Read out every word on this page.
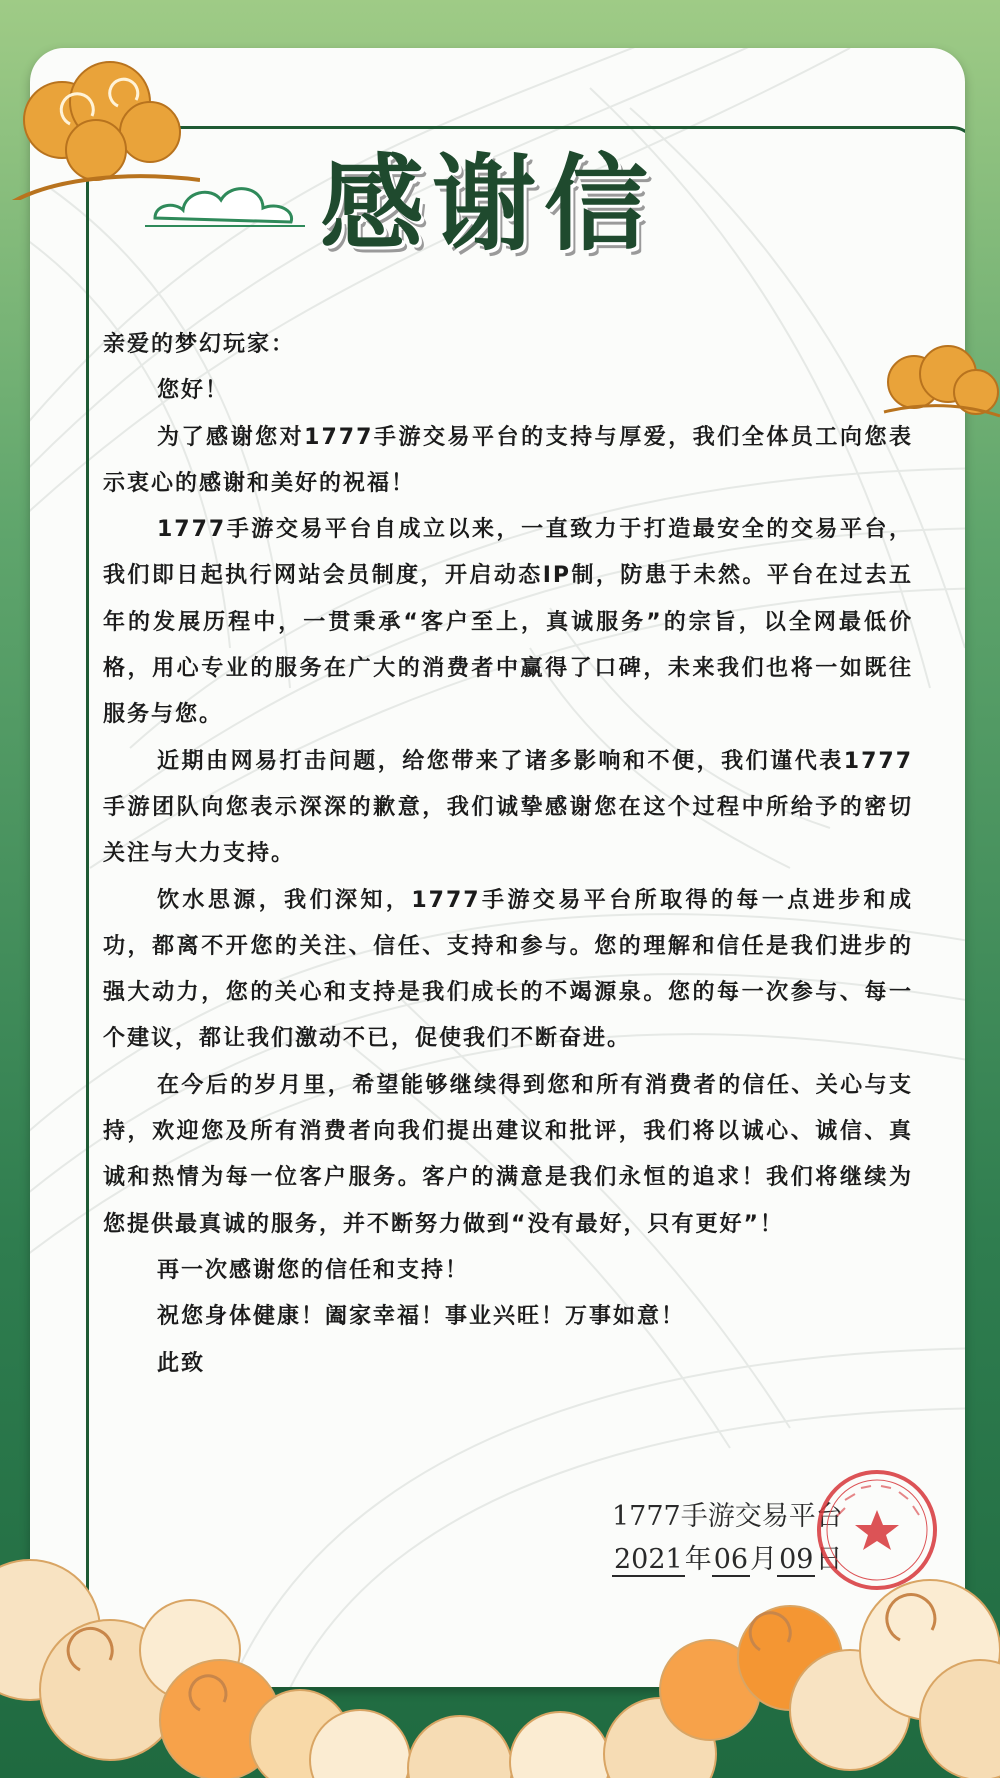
感谢信

亲爱的梦幻玩家：

您好！

为了感谢您对1777手游交易平台的支持与厚爱，我们全体员工向您表示衷心的感谢和美好的祝福！

1777手游交易平台自成立以来，一直致力于打造最安全的交易平台，我们即日起执行网站会员制度，开启动态IP制，防患于未然。平台在过去五年的发展历程中，一贯秉承“客户至上，真诚服务”的宗旨，以全网最低价格，用心专业的服务在广大的消费者中赢得了口碑，未来我们也将一如既往服务与您。

近期由网易打击问题，给您带来了诸多影响和不便，我们谨代表1777手游团队向您表示深深的歉意，我们诚挚感谢您在这个过程中所给予的密切关注与大力支持。

饮水思源，我们深知，1777手游交易平台所取得的每一点进步和成功，都离不开您的关注、信任、支持和参与。您的理解和信任是我们进步的强大动力，您的关心和支持是我们成长的不竭源泉。您的每一次参与、每一个建议，都让我们激动不已，促使我们不断奋进。

在今后的岁月里，希望能够继续得到您和所有消费者的信任、关心与支持，欢迎您及所有消费者向我们提出建议和批评，我们将以诚心、诚信、真诚和热情为每一位客户服务。客户的满意是我们永恒的追求！我们将继续为您提供最真诚的服务，并不断努力做到“没有最好，只有更好”！

再一次感谢您的信任和支持！

祝您身体健康！阖家幸福！事业兴旺！万事如意！

此致

1777手游交易平台
2021年06月09日
